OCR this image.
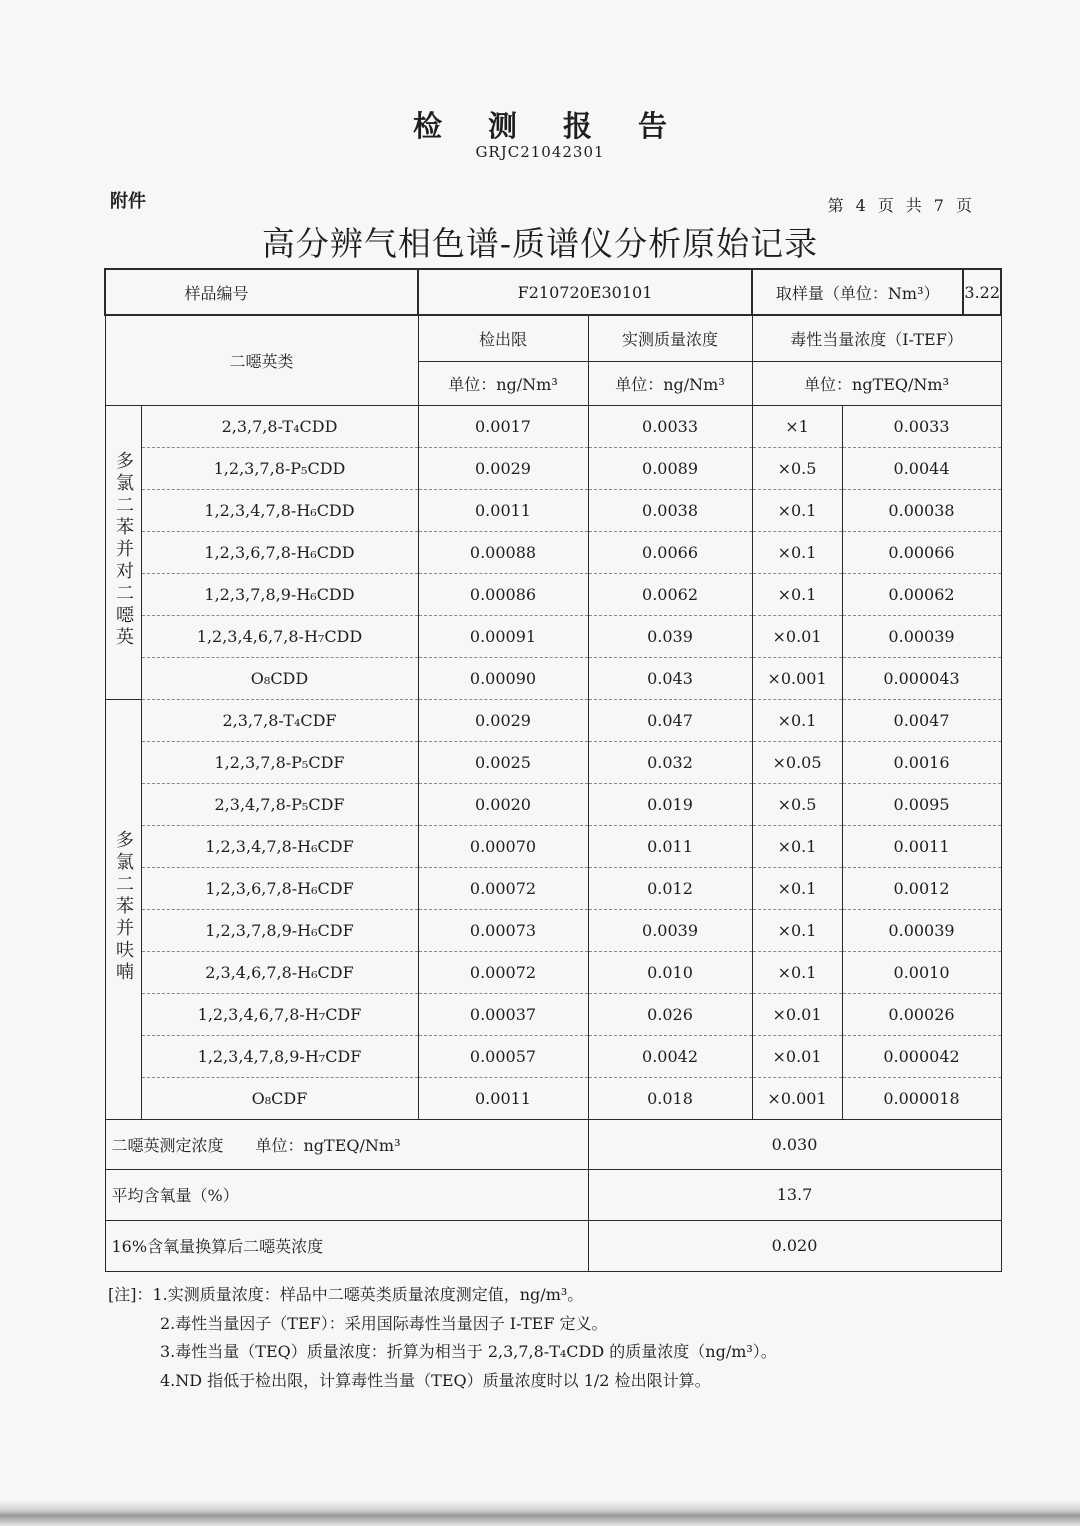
检测报告
GRJC21042301
附件	第 4 页 共 7 页
高分辨气相色谱-质谱仪分析原始记录
样品编号		F210720E30101		取样量（单位：Nm³） 3.22	

二噁英类		检出限	实测质量浓度	毒性当量浓度（I-TEF）	
		单位：ng/Nm³	单位：ng/Nm³	单位：ngTEQ/Nm³	
多氯二苯并对二噁英	2,3,7,8-T₄CDD	0.0017	0.0033	×1	0.0033
	1,2,3,7,8-P₅CDD	0.0029	0.0089	×0.5	0.0044
	1,2,3,4,7,8-H₆CDD	0.0011	0.0038	×0.1	0.00038
	1,2,3,6,7,8-H₆CDD	0.00088	0.0066	×0.1	0.00066
	1,2,3,7,8,9-H₆CDD	0.00086	0.0062	×0.1	0.00062
	1,2,3,4,6,7,8-H₇CDD	0.00091	0.039	×0.01	0.00039
	O₈CDD	0.00090	0.043	×0.001	0.000043
多氯二苯并呋喃	2,3,7,8-T₄CDF	0.0029	0.047	×0.1	0.0047
	1,2,3,7,8-P₅CDF	0.0025	0.032	×0.05	0.0016
	2,3,4,7,8-P₅CDF	0.0020	0.019	×0.5	0.0095
	1,2,3,4,7,8-H₆CDF	0.00070	0.011	×0.1	0.0011
	1,2,3,6,7,8-H₆CDF	0.00072	0.012	×0.1	0.0012
	1,2,3,7,8,9-H₆CDF	0.00073	0.0039	×0.1	0.00039
	2,3,4,6,7,8-H₆CDF	0.00072	0.010	×0.1	0.0010
	1,2,3,4,6,7,8-H₇CDF	0.00037	0.026	×0.01	0.00026
	1,2,3,4,7,8,9-H₇CDF	0.00057	0.0042	×0.01	0.000042
	O₈CDF	0.0011	0.018	×0.001	0.000018
二噁英测定浓度　　单位：ngTEQ/Nm³			0.030		
平均含氧量（%）			13.7		
16%含氧量换算后二噁英浓度			0.020		
[注]：1.实测质量浓度：样品中二噁英类质量浓度测定值，ng/m³。
2.毒性当量因子（TEF）：采用国际毒性当量因子 I-TEF 定义。
3.毒性当量（TEQ）质量浓度：折算为相当于 2,3,7,8-T₄CDD 的质量浓度（ng/m³）。
4.ND 指低于检出限，计算毒性当量（TEQ）质量浓度时以 1/2 检出限计算。
